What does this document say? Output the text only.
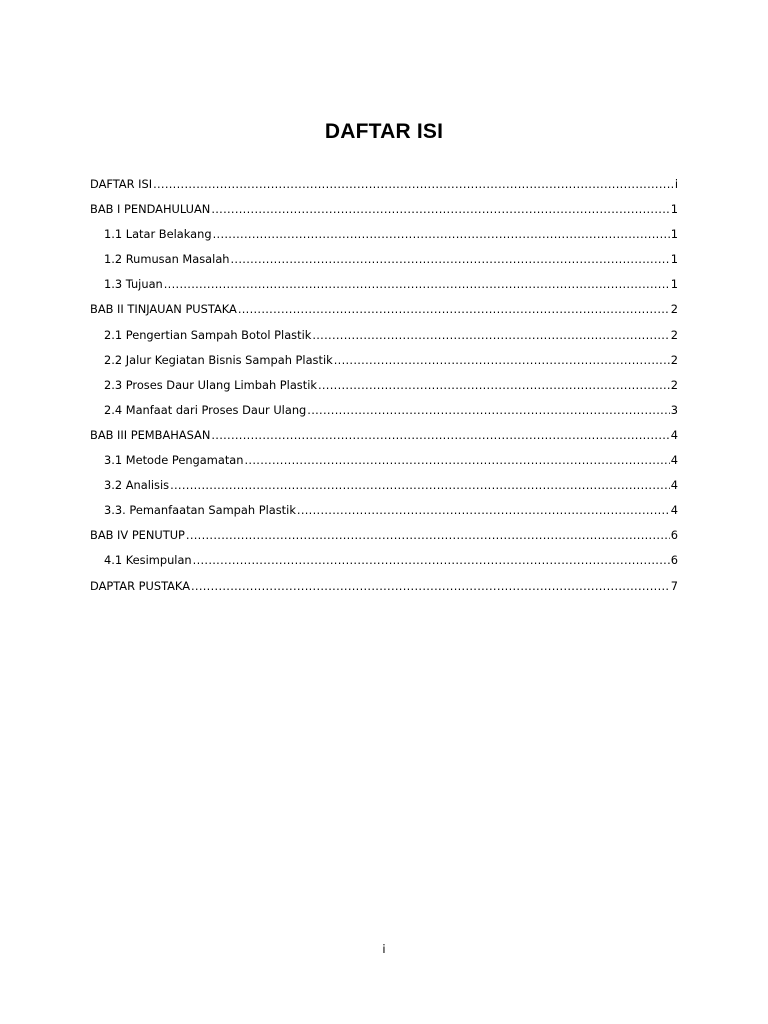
DAFTAR ISI
DAFTAR ISI .....	i
BAB I PENDAHULUAN .....	1
1.1 Latar Belakang .....	1
1.2 Rumusan Masalah .....	1
1.3 Tujuan .....	1
BAB II TINJAUAN PUSTAKA .....	2
2.1 Pengertian Sampah Botol Plastik .....	2
2.2 Jalur Kegiatan Bisnis Sampah Plastik .....	2
2.3 Proses Daur Ulang Limbah Plastik .....	2
2.4 Manfaat dari Proses Daur Ulang .....	3
BAB III PEMBAHASAN .....	4
3.1 Metode Pengamatan .....	4
3.2 Analisis .....	4
3.3. Pemanfaatan Sampah Plastik .....	4
BAB IV PENUTUP .....	6
4.1 Kesimpulan .....	6
DAPTAR PUSTAKA .....	7
i
